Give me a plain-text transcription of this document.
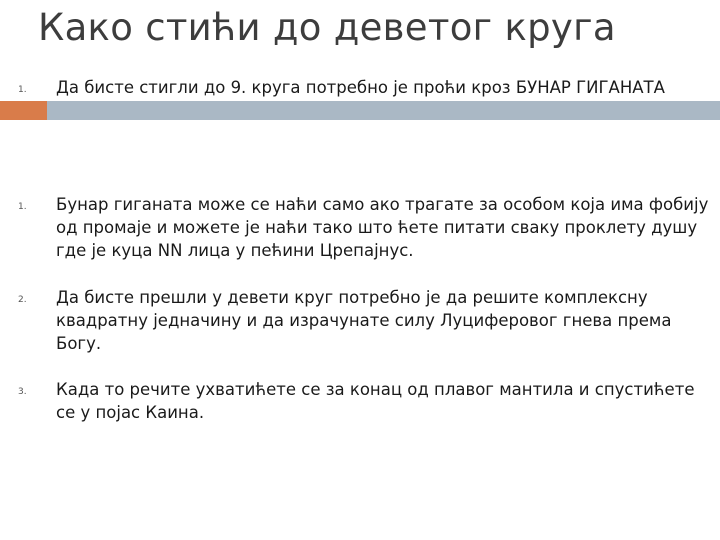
Како стићи до деветог круга
1. Да бисте стигли до 9. круга потребно је проћи кроз БУНАР ГИГАНАТА
1. Бунар гиганата може се наћи само ако трагате за особом која има фобију од промаје и можете је наћи тако што ћете питати сваку проклету душу где је куца NN лица у пећини Црепајнус.
2. Да бисте прешли у девети круг потребно је да решите комплексну квадратну једначину и да израчунате силу Луциферовог гнева према Богу.
3. Када то речите ухватићете се за конац од плавог мантила и спустићете се у појас Каина.
